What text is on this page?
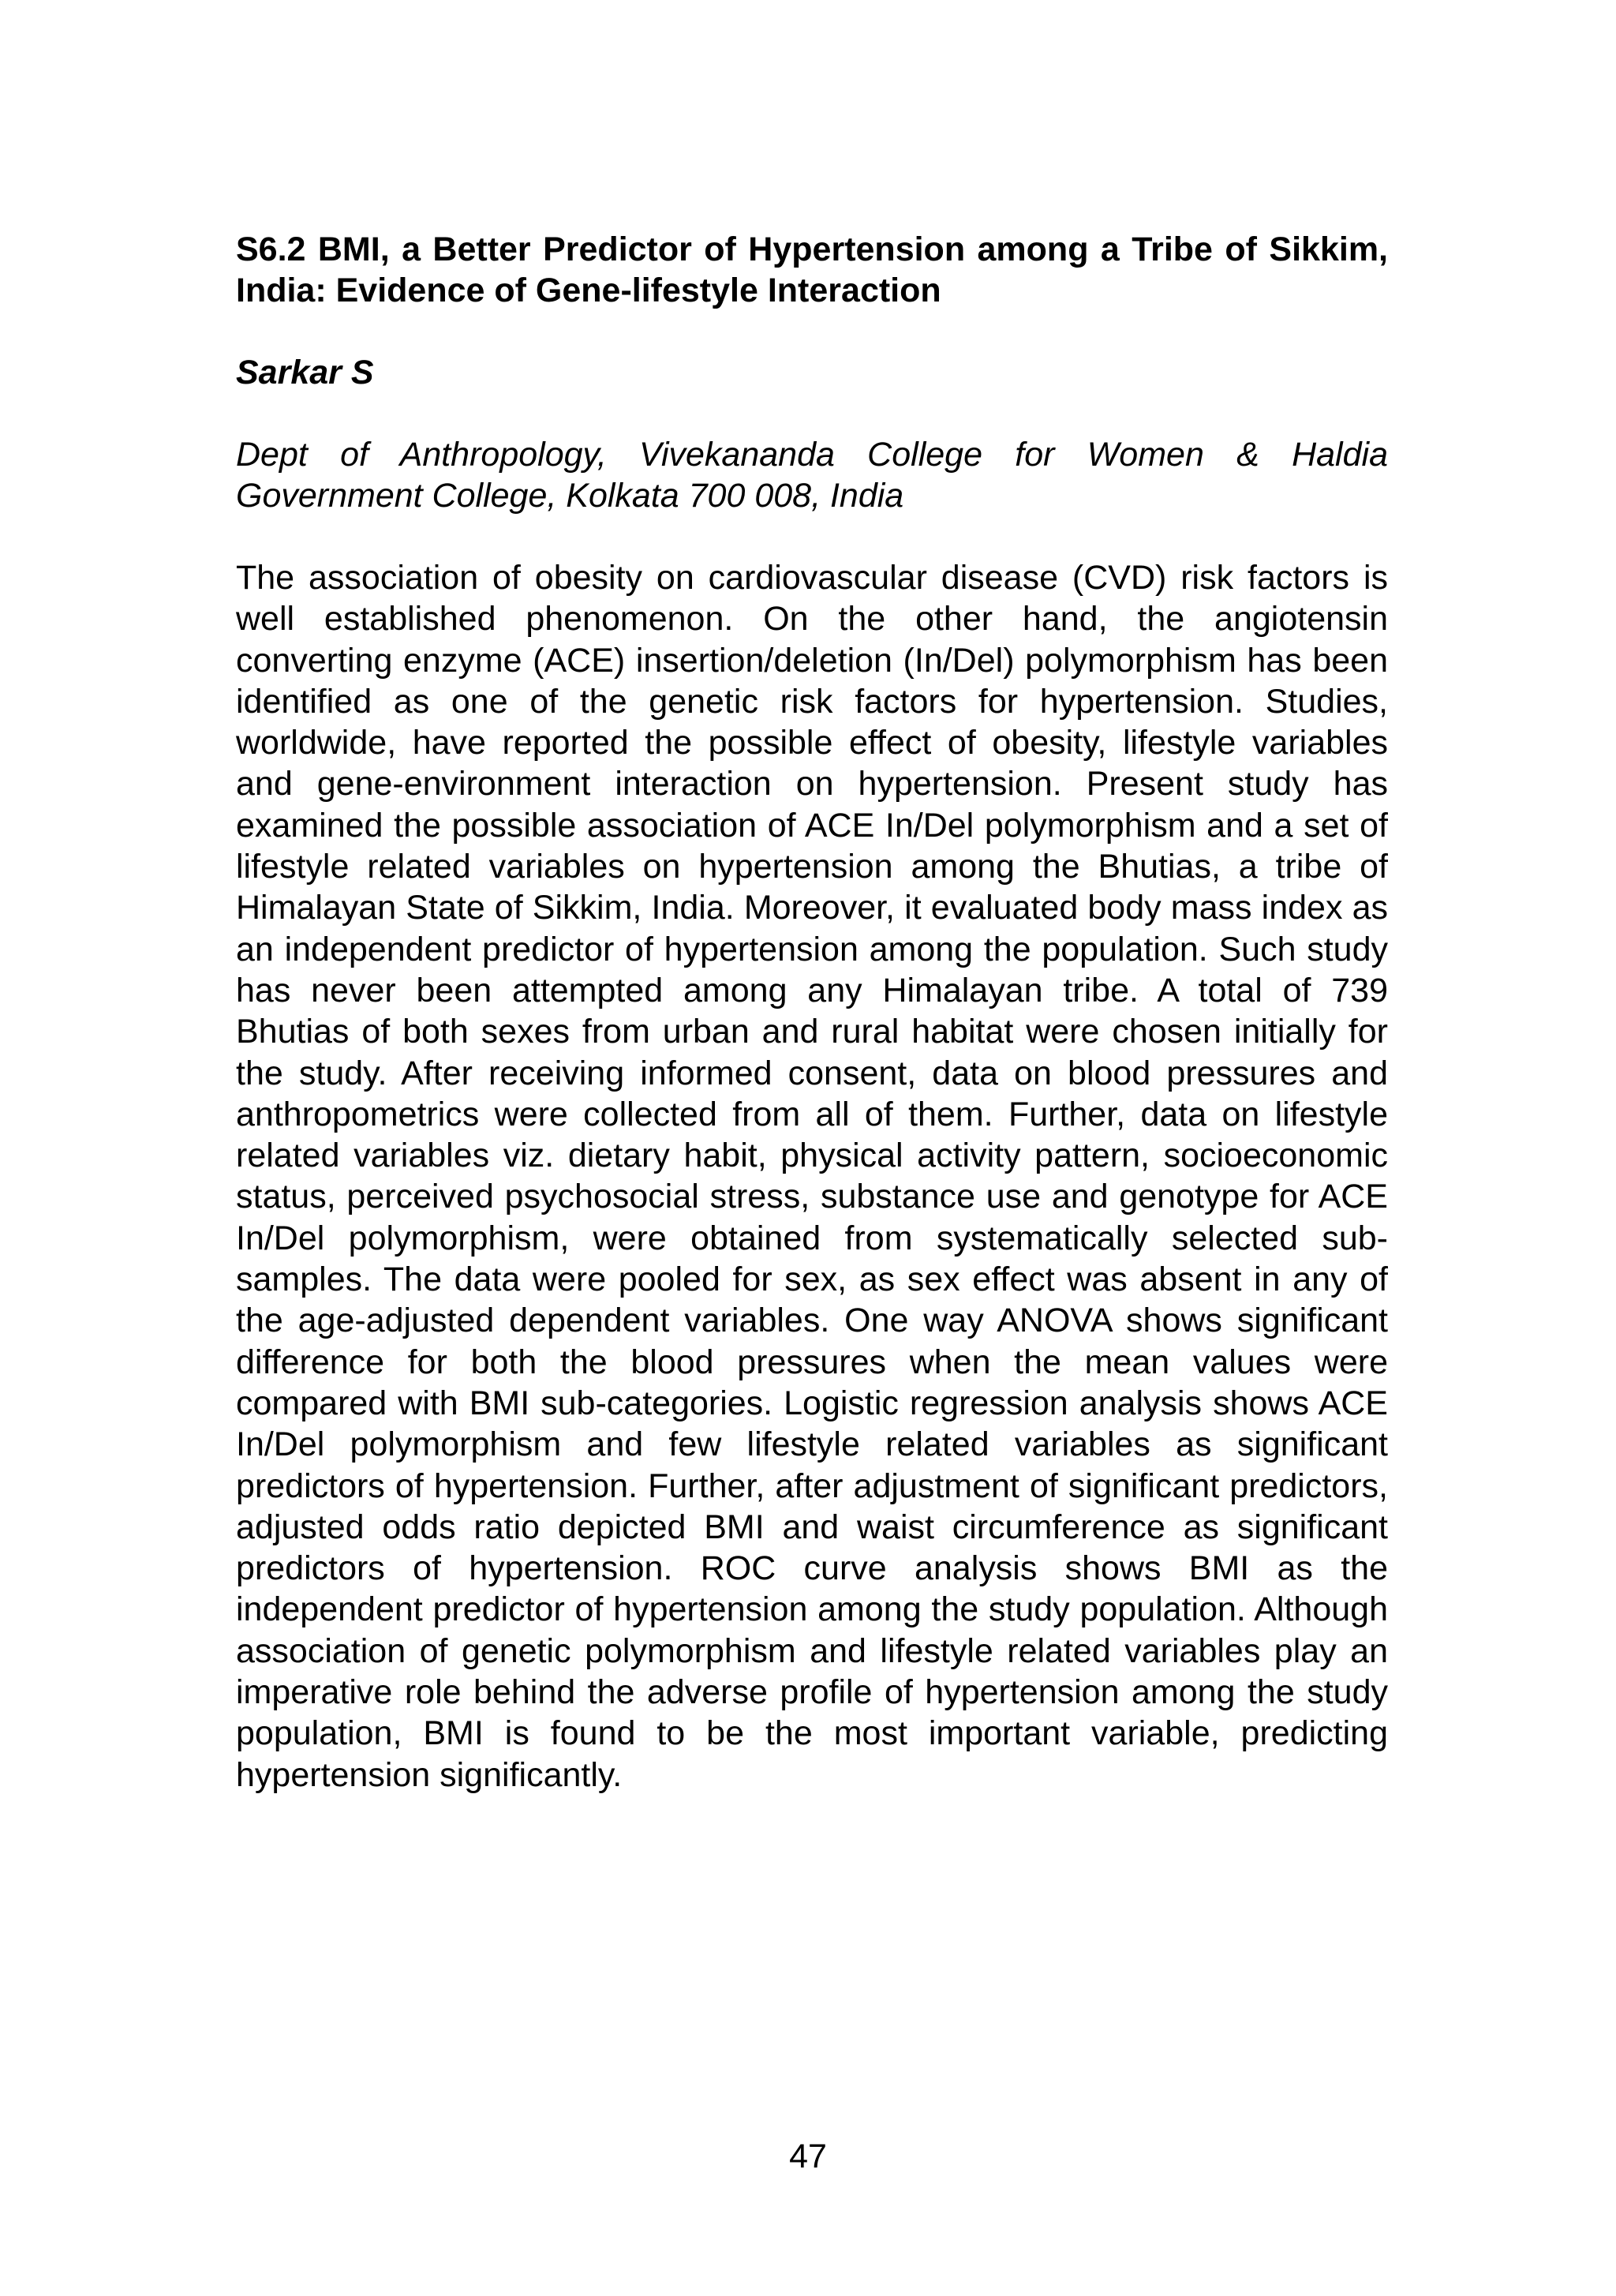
S6.2 BMI, a Better Predictor of Hypertension among a Tribe of Sikkim, India: Evidence of Gene-lifestyle Interaction

Sarkar S

Dept of Anthropology, Vivekananda College for Women & Haldia Government College, Kolkata 700 008, India

The association of obesity on cardiovascular disease (CVD) risk factors is well established phenomenon. On the other hand, the angiotensin converting enzyme (ACE) insertion/deletion (In/Del) polymorphism has been identified as one of the genetic risk factors for hypertension. Studies, worldwide, have reported the possible effect of obesity, lifestyle variables and gene-environment interaction on hypertension. Present study has examined the possible association of ACE In/Del polymorphism and a set of lifestyle related variables on hypertension among the Bhutias, a tribe of Himalayan State of Sikkim, India. Moreover, it evaluated body mass index as an independent predictor of hypertension among the population. Such study has never been attempted among any Himalayan tribe. A total of 739 Bhutias of both sexes from urban and rural habitat were chosen initially for the study. After receiving informed consent, data on blood pressures and anthropometrics were collected from all of them. Further, data on lifestyle related variables viz. dietary habit, physical activity pattern, socioeconomic status, perceived psychosocial stress, substance use and genotype for ACE In/Del polymorphism, were obtained from systematically selected sub-samples. The data were pooled for sex, as sex effect was absent in any of the age-adjusted dependent variables. One way ANOVA shows significant difference for both the blood pressures when the mean values were compared with BMI sub-categories. Logistic regression analysis shows ACE In/Del polymorphism and few lifestyle related variables as significant predictors of hypertension. Further, after adjustment of significant predictors, adjusted odds ratio depicted BMI and waist circumference as significant predictors of hypertension. ROC curve analysis shows BMI as the independent predictor of hypertension among the study population. Although association of genetic polymorphism and lifestyle related variables play an imperative role behind the adverse profile of hypertension among the study population, BMI is found to be the most important variable, predicting hypertension significantly.

47
